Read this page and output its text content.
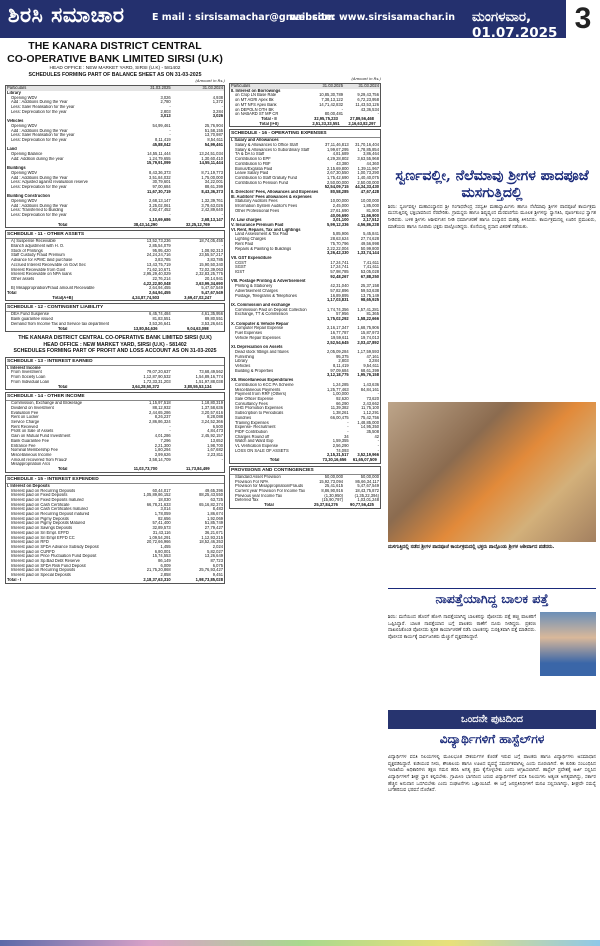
ಶಿರಸಿ ಸಮಾಚಾರ	E mail : sirsisamachar@gmail.com
website: www.sirsisamachar.in ಮಂಗಳವಾರ, 01.07.2025 3
THE KANARA DISTRICT CENTRAL
CO-OPERATIVE BANK LIMITED SIRSI (U.K)
HEAD OFFICE : NEW MARKET YARD, SIRSI (U.K) - 581402
SCHEDULES FORMING PART OF BALANCE SHEET AS ON 31-03-2025
(Amount in Rs.)
Particulars	31.03.2025	31.03.2024
Library		
Opening WDV	3,026	4,938
Add : Additions During the Year	2,780	1,372
Less: Sale/ Realisation for the year	-	-
Less: Depreciation for the year	2,803	3,284
	3,013	3,026
Vehicles		
Opening WDV	54,99,461	25,76,904
Add : Additions During the Year	-	51,58,155
Less: Sale/ Realisation for the year	-	13,70,987
Less: Depreciation for the year	8,11,419	8,54,611
	45,88,042	54,99,461
Land		
Opening Balance	14,55,11,444	13,24,51,034
Add: Addition during the year	1,24,79,655	1,30,60,410
	15,79,91,099	14,55,11,444
Buildings		
Opening WDV	8,43,36,373	8,71,19,773
Add : Additions During the Year	3,51,84,032	1,75,00,000
Less: Adjusted against revaluation reserve	30,79,601	34,22,001
Less: Depreciation for the year	97,00,684	88,61,399
	11,67,30,719	8,43,36,373
Building Construction		
Opening WDV	2,68,13,147	1,32,39,761
Add : Additions During the Year	3,25,02,061	3,78,63,026
Less: Transferred to Building	4,82,47,452	2,42,89,640
Less: Depreciation for the year	-	-
	1,10,69,686	2,68,13,147
Total	38,43,14,290	32,25,12,769
SCHEDULE - 11 - OTHER ASSETS
A) Suspense Receivable	13,52,73,236	18,74,05,455
Branch adjustment with H. O.	2,85,54,079	-
Stock of Printings	95,95,420	1,08,92,313
Staff Custody Fraud Premium	24,24,24,716	23,55,57,217
Advance for APMC land purchase	3,83,785	3,83,785
Accrued Interest Receivable on Govt Sec	13,43,75,719	15,90,50,340
Interest Receivable from Govt	71,62,10,671	72,02,39,063
Interest Receivable on NPA loans	2,95,29,40,029	2,32,83,25,775
Other assets	22,76,214	20,14,941
	4,22,22,80,048	3,63,99,34,690
B) Misappropriation/Fraud amount Receivable	2,64,94,455	5,47,67,549
Total	2,64,94,455	5,47,67,549
Total(A+B)	4,24,87,74,503	3,69,47,02,247
SCHEDULE - 12 - CONTINGENT LIABILITY
DEA Fund Suspense	6,45,74,484	4,61,35,956
Bank guarantee issued	81,83,551	89,80,551
Demand from Income Tax and Service tax department	3,53,26,641	3,53,26,641
Total	13,80,84,636	9,04,63,098
THE KANARA DISTRICT CENTRAL CO-OPERATIVE BANK LIMITED SIRSI (U.K)
HEAD OFFICE : NEW MARKET YARD, SIRSI (U.K) - 581402
SCHEDULES FORMING PART OF PROFIT AND LOSS ACCOUNT AS ON 31-03-2025
SCHEDULE - 13 - INTEREST EARNED
I. Interest Income		
From Investment	79,07,20,637	73,68,49,562
From Society Loan	1,12,87,90,532	1,54,89,16,774
From Individual Loan	1,72,33,31,203	1,51,97,88,038
Total	3,64,28,50,372	3,80,55,53,134
SCHEDULE - 14 - OTHER INCOME
Commission, Exchange and Brokerage	1,15,97,518	1,18,80,319
Dividend on Investment	88,12,932	1,37,58,636
Evaluation Fee	2,44,65,286	3,20,57,616
Rent on Locker	8,26,237	8,28,088
Service Charge	2,86,86,324	3,24,52,366
Rent Received	-	6,500
Profit on Sale of Assets	-	4,84,473
Gain on Mutual Fund Investment	4,01,286	2,45,92,157
Bank Guarantee Fee	7,296	13,652
Entrance Fee	2,21,300	1,98,700
Nominal Membership Fee	1,80,294	1,67,682
Miscellaneous Income	3,99,626	2,23,811
Amount recovered from Fraud/	3,58,14,709	-
Misappropriation A/cs		
Total	11,03,73,700	11,73,84,499
SCHEDULE - 15 - INTEREST EXPENDED
I. Interest on Deposits		
Interest paid on Recurring Deposits	60,44,017	49,65,396
Interest paid on Fixed Deposits	1,05,89,86,152	88,25,43,550
Interest paid on Fixed Deposits matured	18,030	63,725
Interest paid on Cash Certificate	66,78,21,633	65,16,82,374
Interest paid on Cash Certificates matured	3,014	8,483
Interest paid on Recurring Deposit matured	1,78,059	1,86,674
Interest paid on Pigmy Deposits	82,656	1,92,069
Interest paid on Pigmy Deposits Matured	57,41,400	51,85,749
Interest paid on Savings Deposits	32,89,573	27,79,427
Interest paid on Sri Empl. EFFD	31,43,116	36,21,671
Interest paid on Sri Empl EFFD CC	1,09,54,291	1,12,93,215
Interest paid on RFD	20,72,66,966	18,52,46,353
Interest paid on SFDA Advance Subsidy Deposit	1,455	2,024
Interest paid on CURFD	6,80,001	5,82,027
Interest paid on Price Fluctuation Fund Deposit	15,74,553	13,26,649
Interest paid on Sp.Bad Debt Reserve	86,149	87,723
Interest paid on SFDA Risk Fund Deposit	6,009	6,075
Interest paid on Recurring Deposits	21,75,20,868	25,76,93,427
Interest paid on Special Deposits	2,858	9,451
Total - I	2,18,37,63,310	1,98,73,85,028
(Amount in Rs.)
Particulars	31.03.2025	31.03.2024
II. Interest on Borrowings		
on Crop LN Base Rate	10,85,30,789	9,29,43,756
on MT AGRI Apex Bk	7,38,13,122	6,72,23,958
on MT NFS Apex Bank	14,71,42,832	11,43,53,126
on DEPOLN OTH BK	-	43,36,534
on NABARD ST MP CR	80,00,481	-
Total - II	32,95,75,233	27,89,56,468
Total (I+II)	2,51,33,33,551	2,16,63,82,297
SCHEDULE - 16 - OPERATING EXPENSES
I. Salary and Allowances		
Salary & Allowances to Office Staff	37,11,46,813	31,70,16,404
Salary & Allowances to Subordinary Staff	1,99,67,295	1,78,85,854
TA & DA to Staff	4,81,689	3,86,464
Contribution to EPF	4,29,28,802	3,63,55,968
Contribution to FBF	43,380	44,360
Bonus/Exgratia Paid	2,15,69,800	1,39,11,967
Leave Salary Paid	2,67,30,550	1,00,73,290
Contribution to Staff Gratuity Fund	1,75,42,690	1,40,40,075
Contribution to Pension Fund	2,50,00,000	2,50,00,000
	52,54,09,715	44,34,33,430
II. Directors' Fees, Allowances and Expenses	80,58,285	47,67,428
III. Auditors' Fees allowances & expenses		
Statutory Auditors Fees	10,00,000	10,00,000
Information System Auditor's Fees	2,45,000	1,85,000
Other Professional Fees	27,61,690	81,900
	40,06,690	11,66,900
IV. Law charges	3,01,100	2,17,512
V. Insurance Premium Paid	5,99,12,336	4,56,86,238
VI. Rent, Repairs, Tax and Lightings		
Land Assessment & Tax Paid	5,85,906	5,45,841
Lighting Charges	28,63,624	27,74,628
Rent Paid	75,70,796	49,56,998
Repairs & Painting to Buildings	2,22,22,004	50,99,800
	3,26,42,330	1,33,74,144
VII. GST Expenditure		
CGST	17,24,741	7,41,611
SGST	17,24,741	7,41,611
IGST	57,98,785	53,05,028
	92,48,267	67,88,250
VIII. Postage Printing & Advertisement		
Printing & Stationery	42,31,040	25,37,158
Advertisement Charges	57,82,896	59,53,638
Postage, Telegrams & Telephones	16,89,895	13,75,149
	1,17,03,831	98,65,925
IX. Commission and exchange		
Commission Paid on Deposit Collection	1,74,74,356	1,57,41,281
Exchange, TT & Commission	57,956	81,365
	1,75,02,292	1,58,22,666
X. Computer & Vehicle Repair		
Computer Repair Expense	2,16,17,347	1,68,75,906
Fuel Expenses	16,77,787	15,87,973
Vehicle Repair Expenses	19,59,611	19,74,013
	2,52,54,645	2,03,47,892
XI. Depreciation on Assets		
Dead stock fittings and fitures	2,05,09,284	1,17,59,593
Furnishing	95,375	47,161
Library	2,803	3,284
Vehicles	8,11,419	9,54,611
Building & Properties	97,09,684	68,61,399
	3,12,18,775	1,95,76,158
XII. Miscellaneous Expenditures		
Contribution to KCC PA Scheme	1,24,285	1,43,636
Miscellaneous Payments	1,25,77,463	84,84,161
Payment from RRF (Others)	1,00,000	-
Sale Officer Expense	92,620	73,620
Consultancy Fees	66,290	2,43,662
SHG Promotion Expenses	11,39,382	11,75,100
Subscription to Periodicals	1,38,261	1,12,291
Sundries	66,00,475	75,42,756
Training Expenses	-	1,48,85,000
Expense- Recruitment	-	14,95,350
PIDF Contribution	-	35,508
Charges Round off	34	42
Watch and Ward Exp	1,59,355	-
VL Verification Expense	2,56,290	-
LOSS ON SALE OF ASSETS	74,093	-
	2,15,31,517	3,52,19,966
Total	73,30,16,656	61,65,07,509
PROVISIONS AND CONTINGENCIES
Standard Asset Provision	50,00,000	50,00,000
Provision For NPA	15,92,73,094	86,66,34,117
Provision for Misappropriation/Frauds	25,41,615	5,47,67,549
Current year Provision For Income Tax	8,86,90,916	18,43,75,872
Previous year Income Tax	(1,30,950)	(1,35,22,394)
Deferred Tax	(15,90,797)	1,03,01,248
Total	25,37,84,276	90,77,56,425
ಸ್ವರ್ಣವಲ್ಲೀ, ನೆಲೆಮಾವು ಶ್ರೀಗಳ ಪಾದಪೂಜೆ ಮಸಗುತ್ತಿದಲ್ಲಿ
ಶಿರಸಿ: ಸ್ವರ್ಣವಲ್ಲೀ ಮಹಾಸಂಸ್ಥಾನದ ಶ್ರೀ ಗಂಗಾಧರೇಂದ್ರ ಸರಸ್ವತೀ ಮಹಾಸ್ವಾಮಿಗಳು ಹಾಗೂ ನೆಲೆಮಾವು ಶ್ರೀಗಳ ಪಾದಪೂಜೆ ಕಾರ್ಯಕ್ರಮ ಮಸಗುತ್ತಿದಲ್ಲಿ ಭಕ್ತಿಭಾವದಿಂದ ನೆರವೇರಿತು. ಗ್ರಾಮಸ್ಥರು ಹಾಗೂ ಶಿಷ್ಯವೃಂದ ಮೆರವಣಿಗೆಯ ಮೂಲಕ ಶ್ರೀಗಳನ್ನು ಸ್ವಾಗತಿಸಿ, ಪೂರ್ಣಕುಂಭ ಸ್ವಾಗತ ನೀಡಿದರು. ಬಳಿಕ ಶ್ರೀಗಳು ಆಶೀರ್ವಚನ ನೀಡಿ ಧರ್ಮಾಚರಣೆ ಹಾಗೂ ಸಂಸ್ಕಾರದ ಮಹತ್ವ ತಿಳಿಸಿದರು. ಕಾರ್ಯಕ್ರಮದಲ್ಲಿ ಊರಿನ ಪ್ರಮುಖರು, ಮಾತೆಯರು ಹಾಗೂ ನೂರಾರು ಭಕ್ತರು ಪಾಲ್ಗೊಂಡಿದ್ದರು. ಕೊನೆಯಲ್ಲಿ ಪ್ರಸಾದ ವಿತರಣೆ ನಡೆಯಿತು.
ಮಸಗುತ್ತಿದಲ್ಲಿ ನಡೆದ ಶ್ರೀಗಳ ಪಾದಪೂಜೆ ಕಾರ್ಯಕ್ರಮದಲ್ಲಿ ಭಕ್ತರು ಪಾಲ್ಗೊಂಡು ಶ್ರೀಗಳ ಆಶೀರ್ವಾದ ಪಡೆದರು.
ನಾಪತ್ತೆಯಾಗಿದ್ದ ಬಾಲಕ ಪತ್ತೆ
ಶಿರಸಿ: ಮನೆಯಿಂದ ಹೊರಗೆ ಹೋಗಿ ನಾಪತ್ತೆಯಾಗಿದ್ದ ಬಾಲಕನನ್ನು ಪೊಲೀಸರು ಪತ್ತೆ ಹಚ್ಚಿ ಪಾಲಕರಿಗೆ ಒಪ್ಪಿಸಿದ್ದಾರೆ. ಬಾಲಕ ನಾಪತ್ತೆಯಾದ ಬಗ್ಗೆ ಪಾಲಕರು ಠಾಣೆಗೆ ದೂರು ನೀಡಿದ್ದರು. ಪ್ರಕರಣ ದಾಖಲಿಸಿಕೊಂಡ ಪೊಲೀಸರು ತ್ವರಿತ ಕಾರ್ಯಾಚರಣೆ ನಡೆಸಿ ಬಾಲಕನನ್ನು ಸುರಕ್ಷಿತವಾಗಿ ಪತ್ತೆ ಮಾಡಿದರು. ಪೊಲೀಸರ ಕಾರ್ಯಕ್ಕೆ ಸಾರ್ವಜನಿಕರು ಮೆಚ್ಚುಗೆ ವ್ಯಕ್ತಪಡಿಸಿದ್ದಾರೆ.
ಒಂದನೇ ಪುಟದಿಂದ
ವಿದ್ಯಾರ್ಥಿಗಳಿಗೆ ಹಾಸ್ಟೆಲ್‌ಗಳ
ವಿದ್ಯಾರ್ಥಿಗಳ ವಸತಿ ನಿಲಯಗಳಲ್ಲಿ ಮೂಲಭೂತ ಸೌಕರ್ಯಗಳ ಕೊರತೆ ಇರುವ ಬಗ್ಗೆ ಪಾಲಕರು ಹಾಗೂ ವಿದ್ಯಾರ್ಥಿಗಳು ಅಸಮಾಧಾನ ವ್ಯಕ್ತಪಡಿಸಿದ್ದಾರೆ. ಕುಡಿಯುವ ನೀರು, ಶೌಚಾಲಯ ಹಾಗೂ ಊಟದ ವ್ಯವಸ್ಥೆ ಸಮರ್ಪಕವಾಗಿಲ್ಲ ಎಂದು ದೂರಲಾಗಿದೆ. ಈ ಕುರಿತು ಸಂಬಂಧಿಸಿದ ಇಲಾಖೆಯ ಅಧಿಕಾರಿಗಳು ತಕ್ಷಣ ಗಮನ ಹರಿಸಿ ಅಗತ್ಯ ಕ್ರಮ ಕೈಗೊಳ್ಳಬೇಕು ಎಂದು ಆಗ್ರಹಿಸಲಾಗಿದೆ. ಹಾಸ್ಟೆಲ್ ಪ್ರವೇಶಕ್ಕೆ ಅರ್ಜಿ ಸಲ್ಲಿಸಿದ ವಿದ್ಯಾರ್ಥಿಗಳಿಗೆ ಶೀಘ್ರ ಸ್ಥಾನ ಕಲ್ಪಿಸಬೇಕು. ಗ್ರಾಮೀಣ ಭಾಗದಿಂದ ಬರುವ ವಿದ್ಯಾರ್ಥಿಗಳಿಗೆ ವಸತಿ ನಿಲಯಗಳು ಅತ್ಯಂತ ಅಗತ್ಯವಾಗಿದ್ದು, ಸರ್ಕಾರ ಹೆಚ್ಚಿನ ಅನುದಾನ ಒದಗಿಸಬೇಕು ಎಂದು ಸಂಘಟನೆಗಳು ಒತ್ತಾಯಿಸಿವೆ. ಈ ಬಗ್ಗೆ ಜನಪ್ರತಿನಿಧಿಗಳಿಗೆ ಮನವಿ ಸಲ್ಲಿಸಲಾಗಿದ್ದು, ಶೀಘ್ರವೇ ಸಮಸ್ಯೆ ಬಗೆಹರಿಸುವ ಭರವಸೆ ದೊರೆತಿದೆ.
